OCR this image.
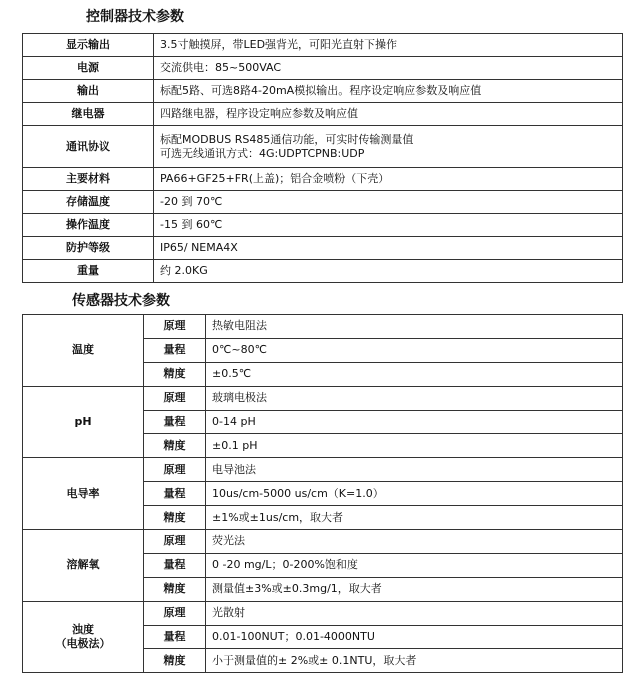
控制器技术参数
显示输出	3.5寸触摸屏，带LED强背光，可阳光直射下操作
电源	交流供电：85~500VAC
输出	标配5路、可选8路4-20mA模拟输出。程序设定响应参数及响应值
继电器	四路继电器，程序设定响应参数及响应值
通讯协议	标配MODBUS RS485通信功能，可实时传输测量值
可选无线通讯方式：4G:UDPTCPNB:UDP

主要材料	PA66+GF25+FR(上盖)；铝合金喷粉（下壳）
存储温度	-20 到 70℃
操作温度	-15 到 60℃
防护等级	IP65/ NEMA4X
重量	约 2.0KG
传感器技术参数
温度	原理	热敏电阻法
	量程	0℃~80℃
	精度	±0.5℃
pH	原理	玻璃电极法
	量程	0-14 pH
	精度	±0.1 pH
电导率	原理	电导池法
	量程	10us/cm-5000 us/cm（K=1.0）
	精度	±1%或±1us/cm，取大者
溶解氧	原理	荧光法
	量程	0 -20 mg/L；0-200%饱和度
	精度	测量值±3%或±0.3mg/1，取大者

浊度
（电极法）	原理	光散射
	量程	0.01-100NUT；0.01-4000NTU
	精度	小于测量值的± 2%或± 0.1NTU，取大者
